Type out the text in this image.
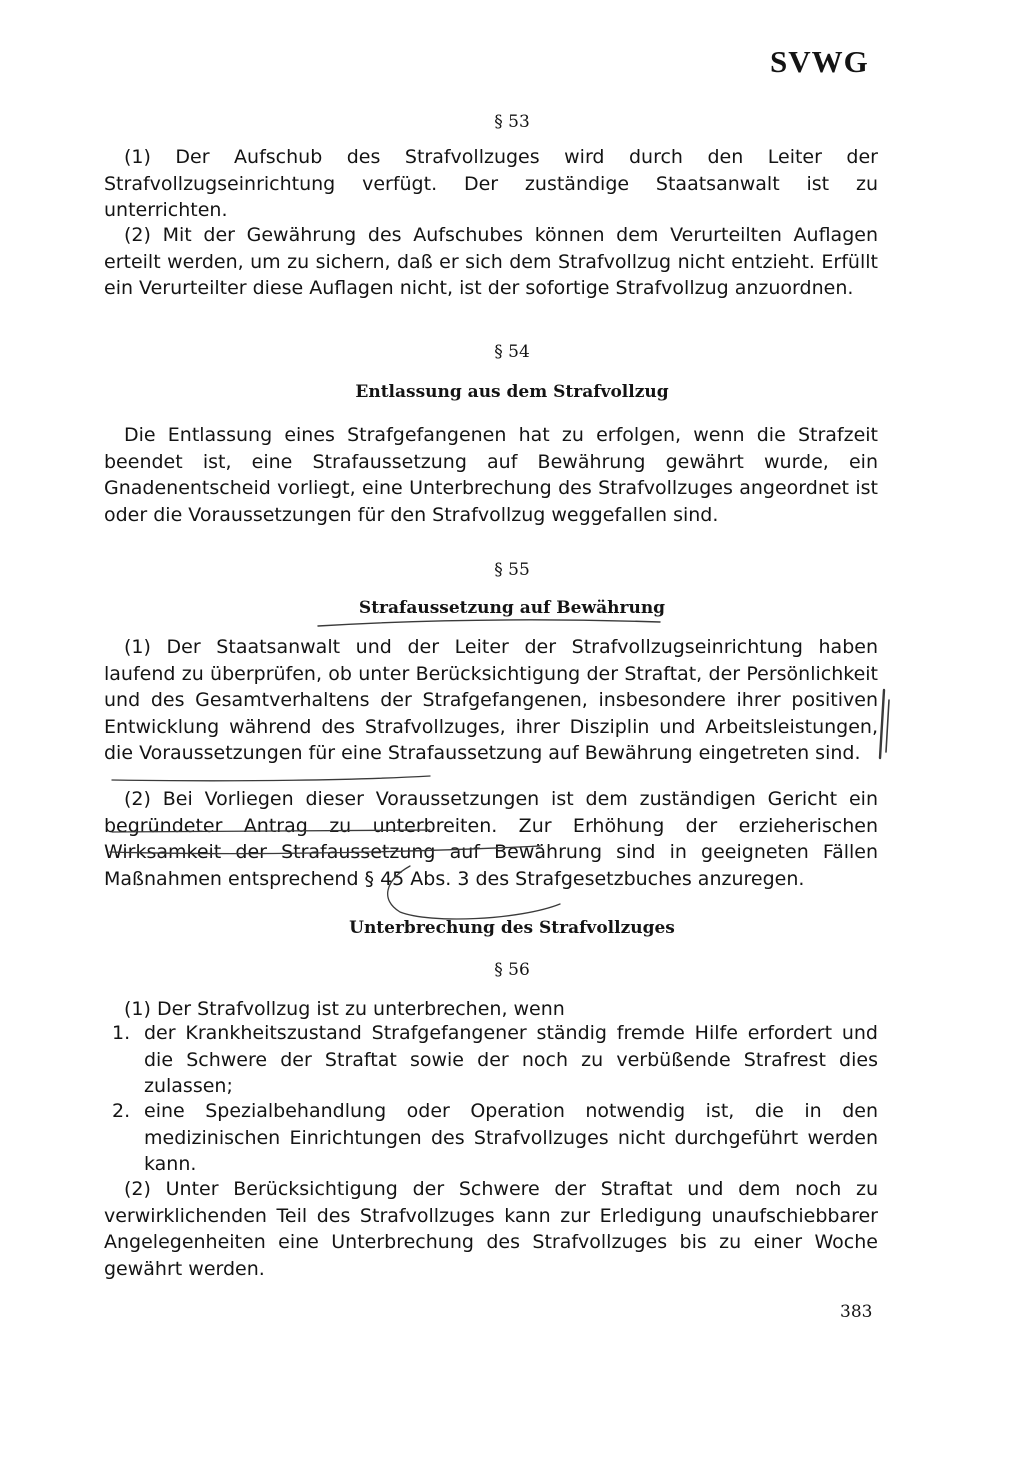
SVWG
§ 53
(1) Der Aufschub des Strafvollzuges wird durch den Leiter der Strafvollzugseinrichtung verfügt. Der zuständige Staatsanwalt ist zu unterrichten.
(2) Mit der Gewährung des Aufschubes können dem Verurteilten Auflagen erteilt werden, um zu sichern, daß er sich dem Strafvollzug nicht entzieht. Erfüllt ein Verurteilter diese Auflagen nicht, ist der sofortige Strafvollzug anzuordnen.
§ 54
Entlassung aus dem Strafvollzug
Die Entlassung eines Strafgefangenen hat zu erfolgen, wenn die Strafzeit beendet ist, eine Strafaussetzung auf Bewährung gewährt wurde, ein Gnadenentscheid vorliegt, eine Unterbrechung des Strafvollzuges angeordnet ist oder die Voraussetzungen für den Strafvollzug weggefallen sind.
§ 55
Strafaussetzung auf Bewährung
(1) Der Staatsanwalt und der Leiter der Strafvollzugseinrichtung haben laufend zu überprüfen, ob unter Berücksichtigung der Straftat, der Persönlichkeit und des Gesamtverhaltens der Strafgefangenen, insbesondere ihrer positiven Entwicklung während des Strafvollzuges, ihrer Disziplin und Arbeitsleistungen, die Voraussetzungen für eine Strafaussetzung auf Bewährung eingetreten sind.
(2) Bei Vorliegen dieser Voraussetzungen ist dem zuständigen Gericht ein begründeter Antrag zu unterbreiten. Zur Erhöhung der erzieherischen Wirksamkeit der Strafaussetzung auf Bewährung sind in geeigneten Fällen Maßnahmen entsprechend § 45 Abs. 3 des Strafgesetzbuches anzuregen.
Unterbrechung des Strafvollzuges
§ 56
(1) Der Strafvollzug ist zu unterbrechen, wenn
1. der Krankheitszustand Strafgefangener ständig fremde Hilfe erfordert und die Schwere der Straftat sowie der noch zu verbüßende Strafrest dies zulassen;
2. eine Spezialbehandlung oder Operation notwendig ist, die in den medizinischen Einrichtungen des Strafvollzuges nicht durchgeführt werden kann.
(2) Unter Berücksichtigung der Schwere der Straftat und dem noch zu verwirklichenden Teil des Strafvollzuges kann zur Erledigung unaufschiebbarer Angelegenheiten eine Unterbrechung des Strafvollzuges bis zu einer Woche gewährt werden.
383
